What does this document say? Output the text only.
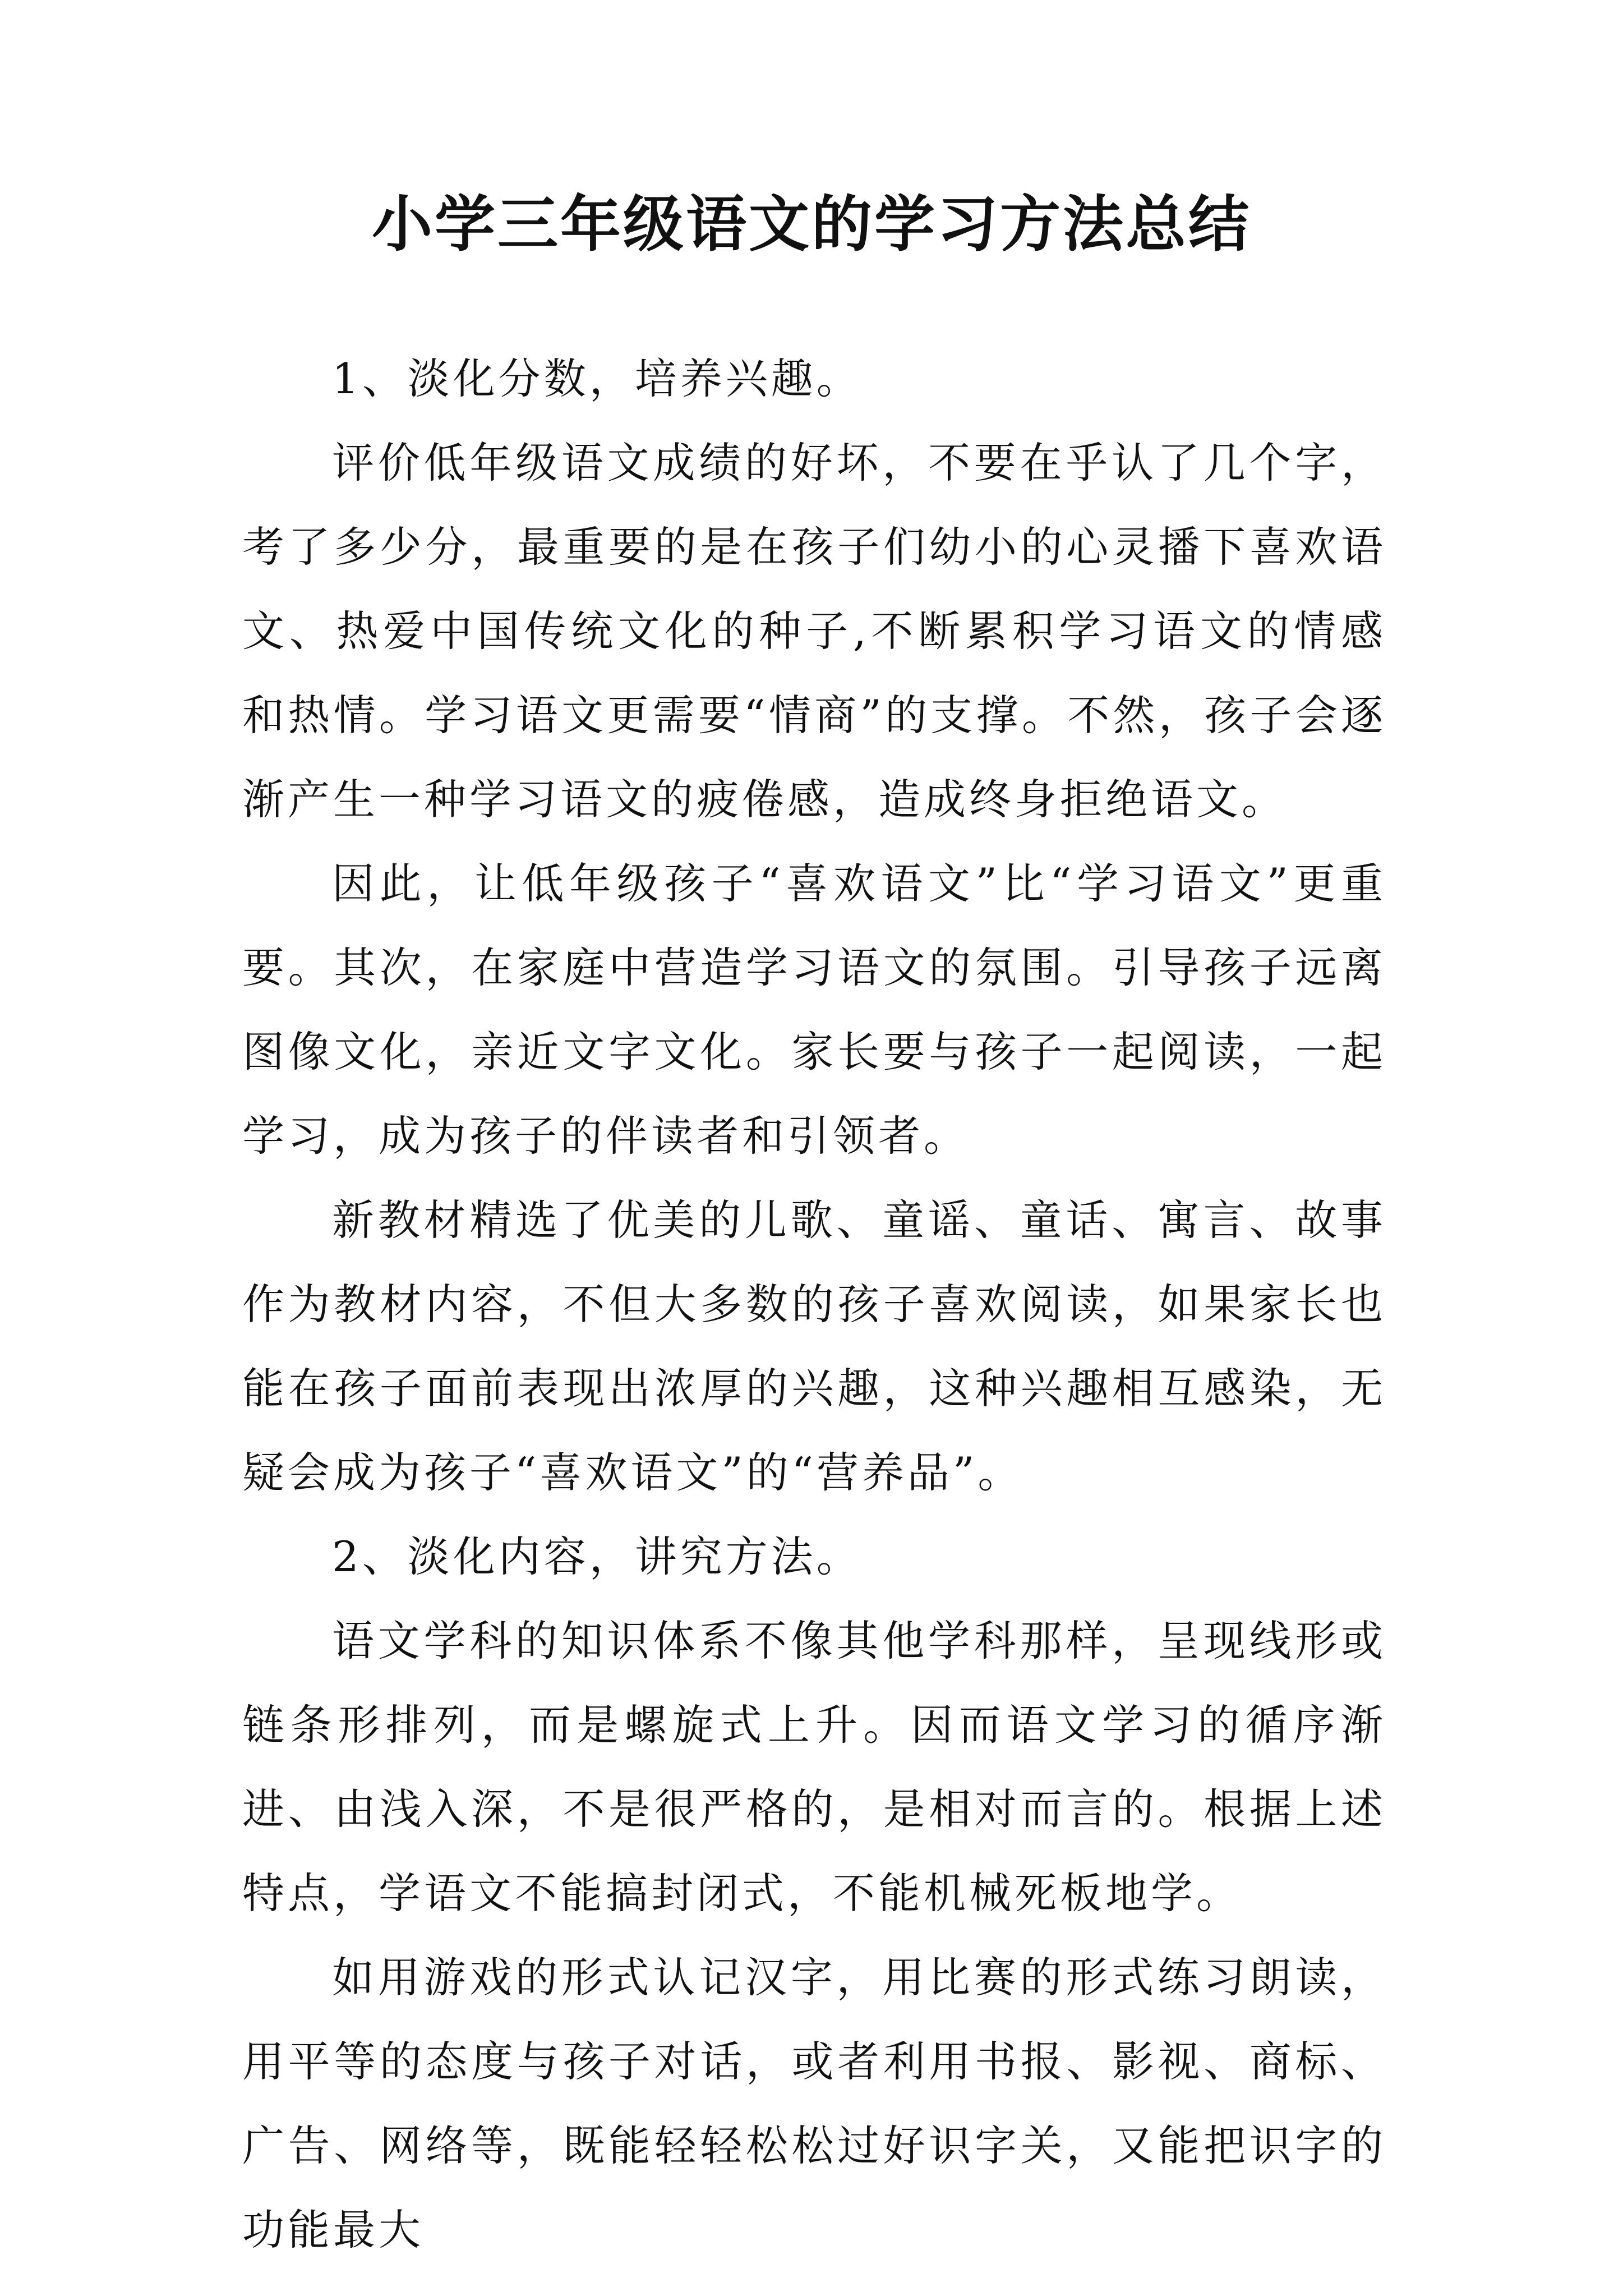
小学三年级语文的学习方法总结

1、淡化分数，培养兴趣。

评价低年级语文成绩的好坏，不要在乎认了几个字，考了多少分，最重要的是在孩子们幼小的心灵播下喜欢语文、热爱中国传统文化的种子,不断累积学习语文的情感和热情。学习语文更需要“情商”的支撑。不然，孩子会逐渐产生一种学习语文的疲倦感，造成终身拒绝语文。

因此，让低年级孩子“喜欢语文”比“学习语文”更重要。其次，在家庭中营造学习语文的氛围。引导孩子远离图像文化，亲近文字文化。家长要与孩子一起阅读，一起学习，成为孩子的伴读者和引领者。

新教材精选了优美的儿歌、童谣、童话、寓言、故事作为教材内容，不但大多数的孩子喜欢阅读，如果家长也能在孩子面前表现出浓厚的兴趣，这种兴趣相互感染，无疑会成为孩子“喜欢语文”的“营养品”。

2、淡化内容，讲究方法。

语文学科的知识体系不像其他学科那样，呈现线形或链条形排列，而是螺旋式上升。因而语文学习的循序渐进、由浅入深，不是很严格的，是相对而言的。根据上述特点，学语文不能搞封闭式，不能机械死板地学。

如用游戏的形式认记汉字，用比赛的形式练习朗读，用平等的态度与孩子对话，或者利用书报、影视、商标、广告、网络等，既能轻轻松松过好识字关，又能把识字的功能最大
